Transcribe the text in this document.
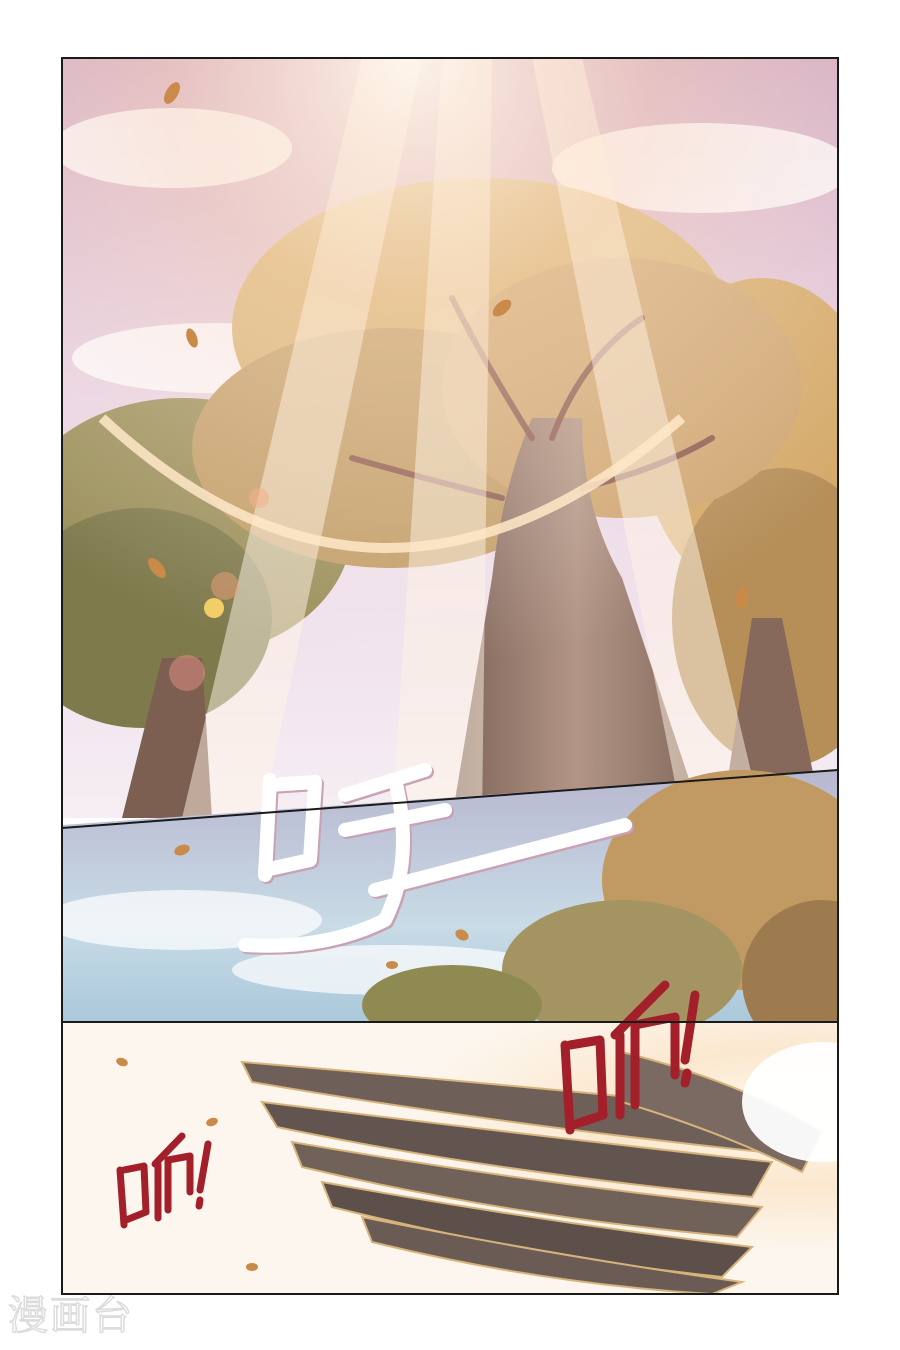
漫画台
